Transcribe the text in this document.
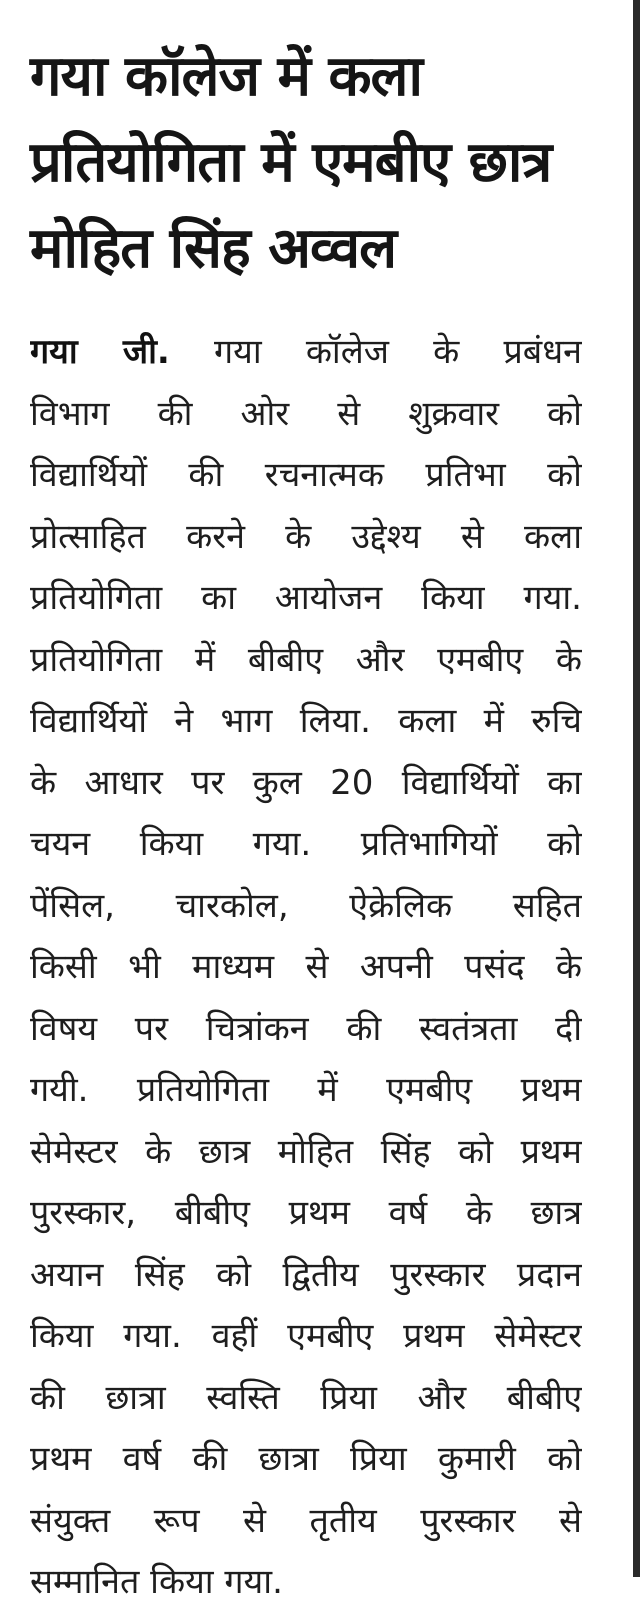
गया कॉलेज में कला
प्रतियोगिता में एमबीए छात्र
मोहित सिंह अव्वल
गया जी. गया कॉलेज के प्रबंधन
विभाग की ओर से शुक्रवार को
विद्यार्थियों की रचनात्मक प्रतिभा को
प्रोत्साहित करने के उद्देश्य से कला
प्रतियोगिता का आयोजन किया गया.
प्रतियोगिता में बीबीए और एमबीए के
विद्यार्थियों ने भाग लिया. कला में रुचि
के आधार पर कुल 20 विद्यार्थियों का
चयन किया गया. प्रतिभागियों को
पेंसिल, चारकोल, ऐक्रेलिक सहित
किसी भी माध्यम से अपनी पसंद के
विषय पर चित्रांकन की स्वतंत्रता दी
गयी. प्रतियोगिता में एमबीए प्रथम
सेमेस्टर के छात्र मोहित सिंह को प्रथम
पुरस्कार, बीबीए प्रथम वर्ष के छात्र
अयान सिंह को द्वितीय पुरस्कार प्रदान
किया गया. वहीं एमबीए प्रथम सेमेस्टर
की छात्रा स्वस्ति प्रिया और बीबीए
प्रथम वर्ष की छात्रा प्रिया कुमारी को
संयुक्त रूप से तृतीय पुरस्कार से
सम्मानित किया गया.
